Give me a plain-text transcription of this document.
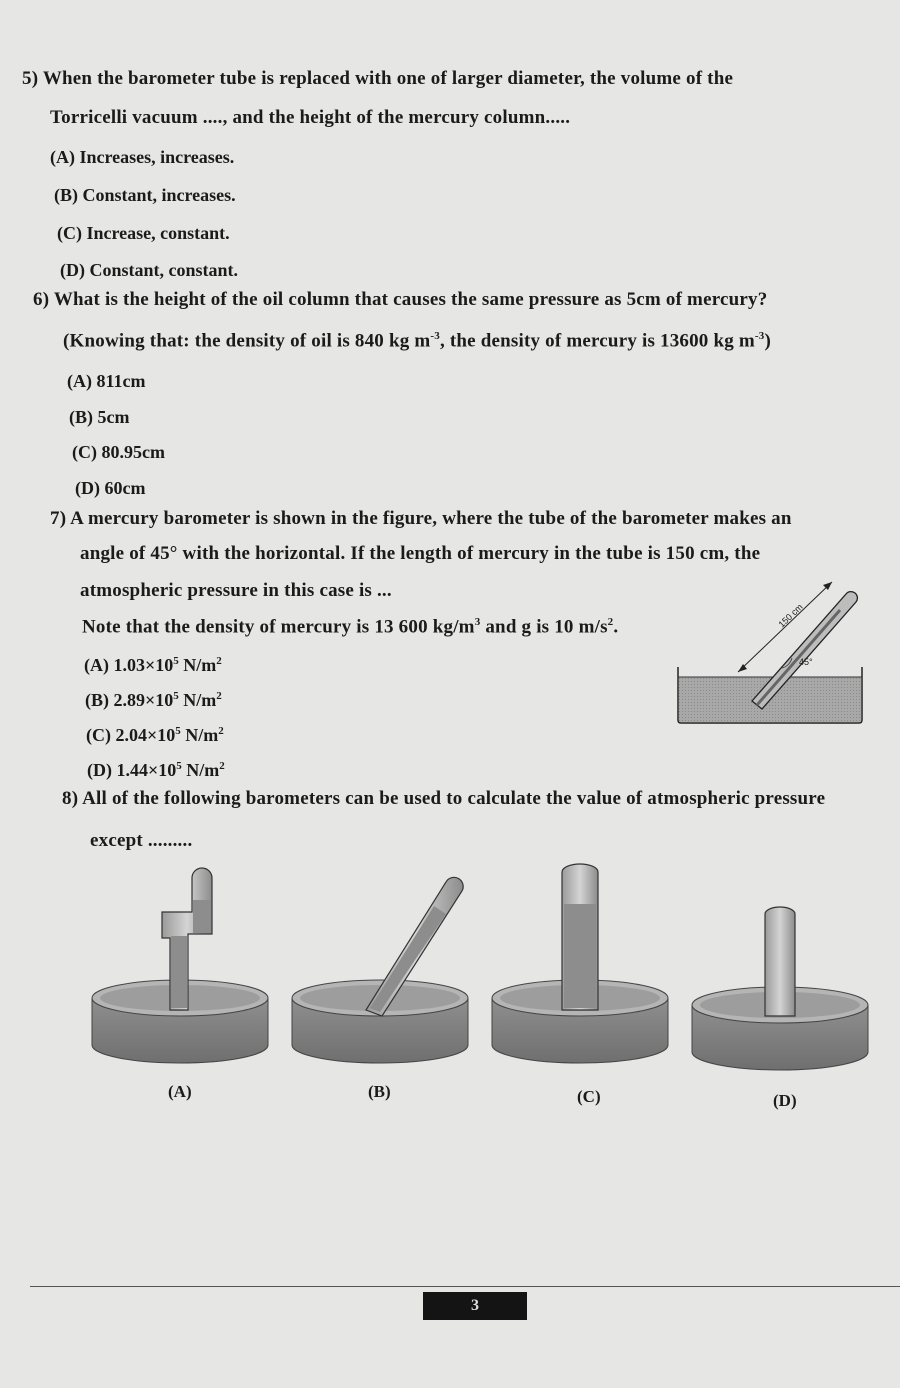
5) When the barometer tube is replaced with one of larger diameter, the volume of the
Torricelli vacuum ...., and the height of the mercury column.....
(A) Increases, increases.
(B) Constant, increases.
(C) Increase, constant.
(D) Constant, constant.
6) What is the height of the oil column that causes the same pressure as 5cm of mercury?
(Knowing that: the density of oil is 840 kg $m^{-3}$, the density of mercury is 13600 kg $m^{-3}$)
(A) 811cm
(B) 5cm
(C) 80.95cm
(D) 60cm
7) A mercury barometer is shown in the figure, where the tube of the barometer makes an
angle of 45° with the horizontal. If the length of mercury in the tube is 150 cm, the
atmospheric pressure in this case is ...
Note that the density of mercury is 13 600 $kg/m^3$ and g is 10 $m/s^2$.
(A) $1.03\times 10^5$ $N/m^2$
(B) $2.89\times 10^5$ $N/m^2$
(C) $2.04\times 10^5$ $N/m^2$
(D) $1.44\times 10^5$ $N/m^2$
150 cm
45°
8) All of the following barometers can be used to calculate the value of atmospheric pressure
except .........
(A)	(B)	(C)	(D)
3
